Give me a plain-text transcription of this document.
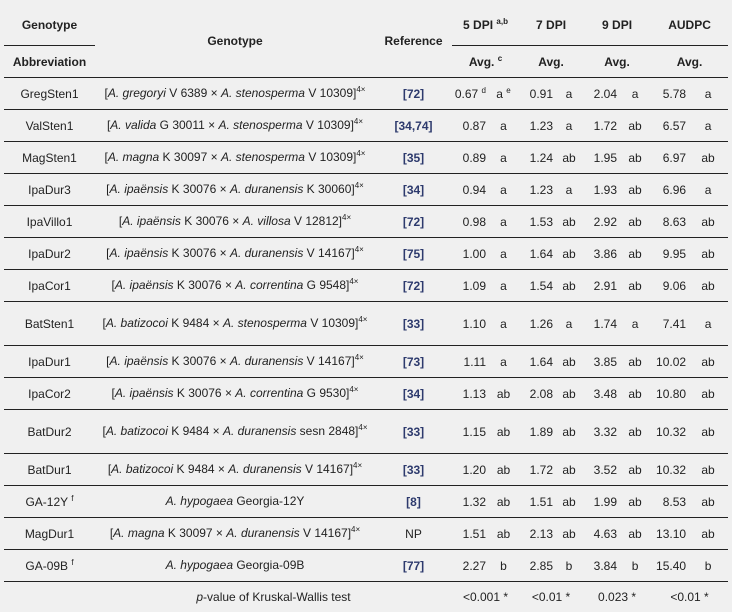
Genotype	Genotype	Reference	5 DPI $^{a,b}$		7 DPI		9 DPI		AUDPC	
Abbreviation			Avg. $^c$		Avg.		Avg.		Avg.	
GregSten1	[A. gregoryi V 6389 × A. stenosperma V 10309]$^{4\times}$	[72]	0.67 $^d$	a $^e$	0.91	a	2.04	a	5.78	a
ValSten1	[A. valida G 30011 × A. stenosperma V 10309]$^{4\times}$	[34,74]	0.87	a	1.23	a	1.72	ab	6.57	a
MagSten1	[A. magna K 30097 × A. stenosperma V 10309]$^{4\times}$	[35]	0.89	a	1.24	ab	1.95	ab	6.97	ab
IpaDur3	[A. ipaënsis K 30076 × A. duranensis K 30060]$^{4\times}$	[34]	0.94	a	1.23	a	1.93	ab	6.96	a
IpaVillo1	[A. ipaënsis K 30076 × A. villosa V 12812]$^{4\times}$	[72]	0.98	a	1.53	ab	2.92	ab	8.63	ab
IpaDur2	[A. ipaënsis K 30076 × A. duranensis V 14167]$^{4\times}$	[75]	1.00	a	1.64	ab	3.86	ab	9.95	ab
IpaCor1	[A. ipaënsis K 30076 × A. correntina G 9548]$^{4\times}$	[72]	1.09	a	1.54	ab	2.91	ab	9.06	ab
BatSten1	[A. batizocoi K 9484 × A. stenosperma V 10309]$^{4\times}$	[33]	1.10	a	1.26	a	1.74	a	7.41	a
IpaDur1	[A. ipaënsis K 30076 × A. duranensis V 14167]$^{4\times}$	[73]	1.11	a	1.64	ab	3.85	ab	10.02	ab
IpaCor2	[A. ipaënsis K 30076 × A. correntina G 9530]$^{4\times}$	[34]	1.13	ab	2.08	ab	3.48	ab	10.80	ab
BatDur2	[A. batizocoi K 9484 × A. duranensis sesn 2848]$^{4\times}$	[33]	1.15	ab	1.89	ab	3.32	ab	10.32	ab
BatDur1	[A. batizocoi K 9484 × A. duranensis V 14167]$^{4\times}$	[33]	1.20	ab	1.72	ab	3.52	ab	10.32	ab
GA-12Y $^f$	A. hypogaea Georgia-12Y	[8]	1.32	ab	1.51	ab	1.99	ab	8.53	ab
MagDur1	[A. magna K 30097 × A. duranensis V 14167]$^{4\times}$	NP	1.51	ab	2.13	ab	4.63	ab	13.10	ab
GA-09B $^f$	A. hypogaea Georgia-09B	[77]	2.27	b	2.85	b	3.84	b	15.40	b
	p-value of Kruskal-Wallis test		<0.001 *		<0.01 *		0.023 *		<0.01 *	
